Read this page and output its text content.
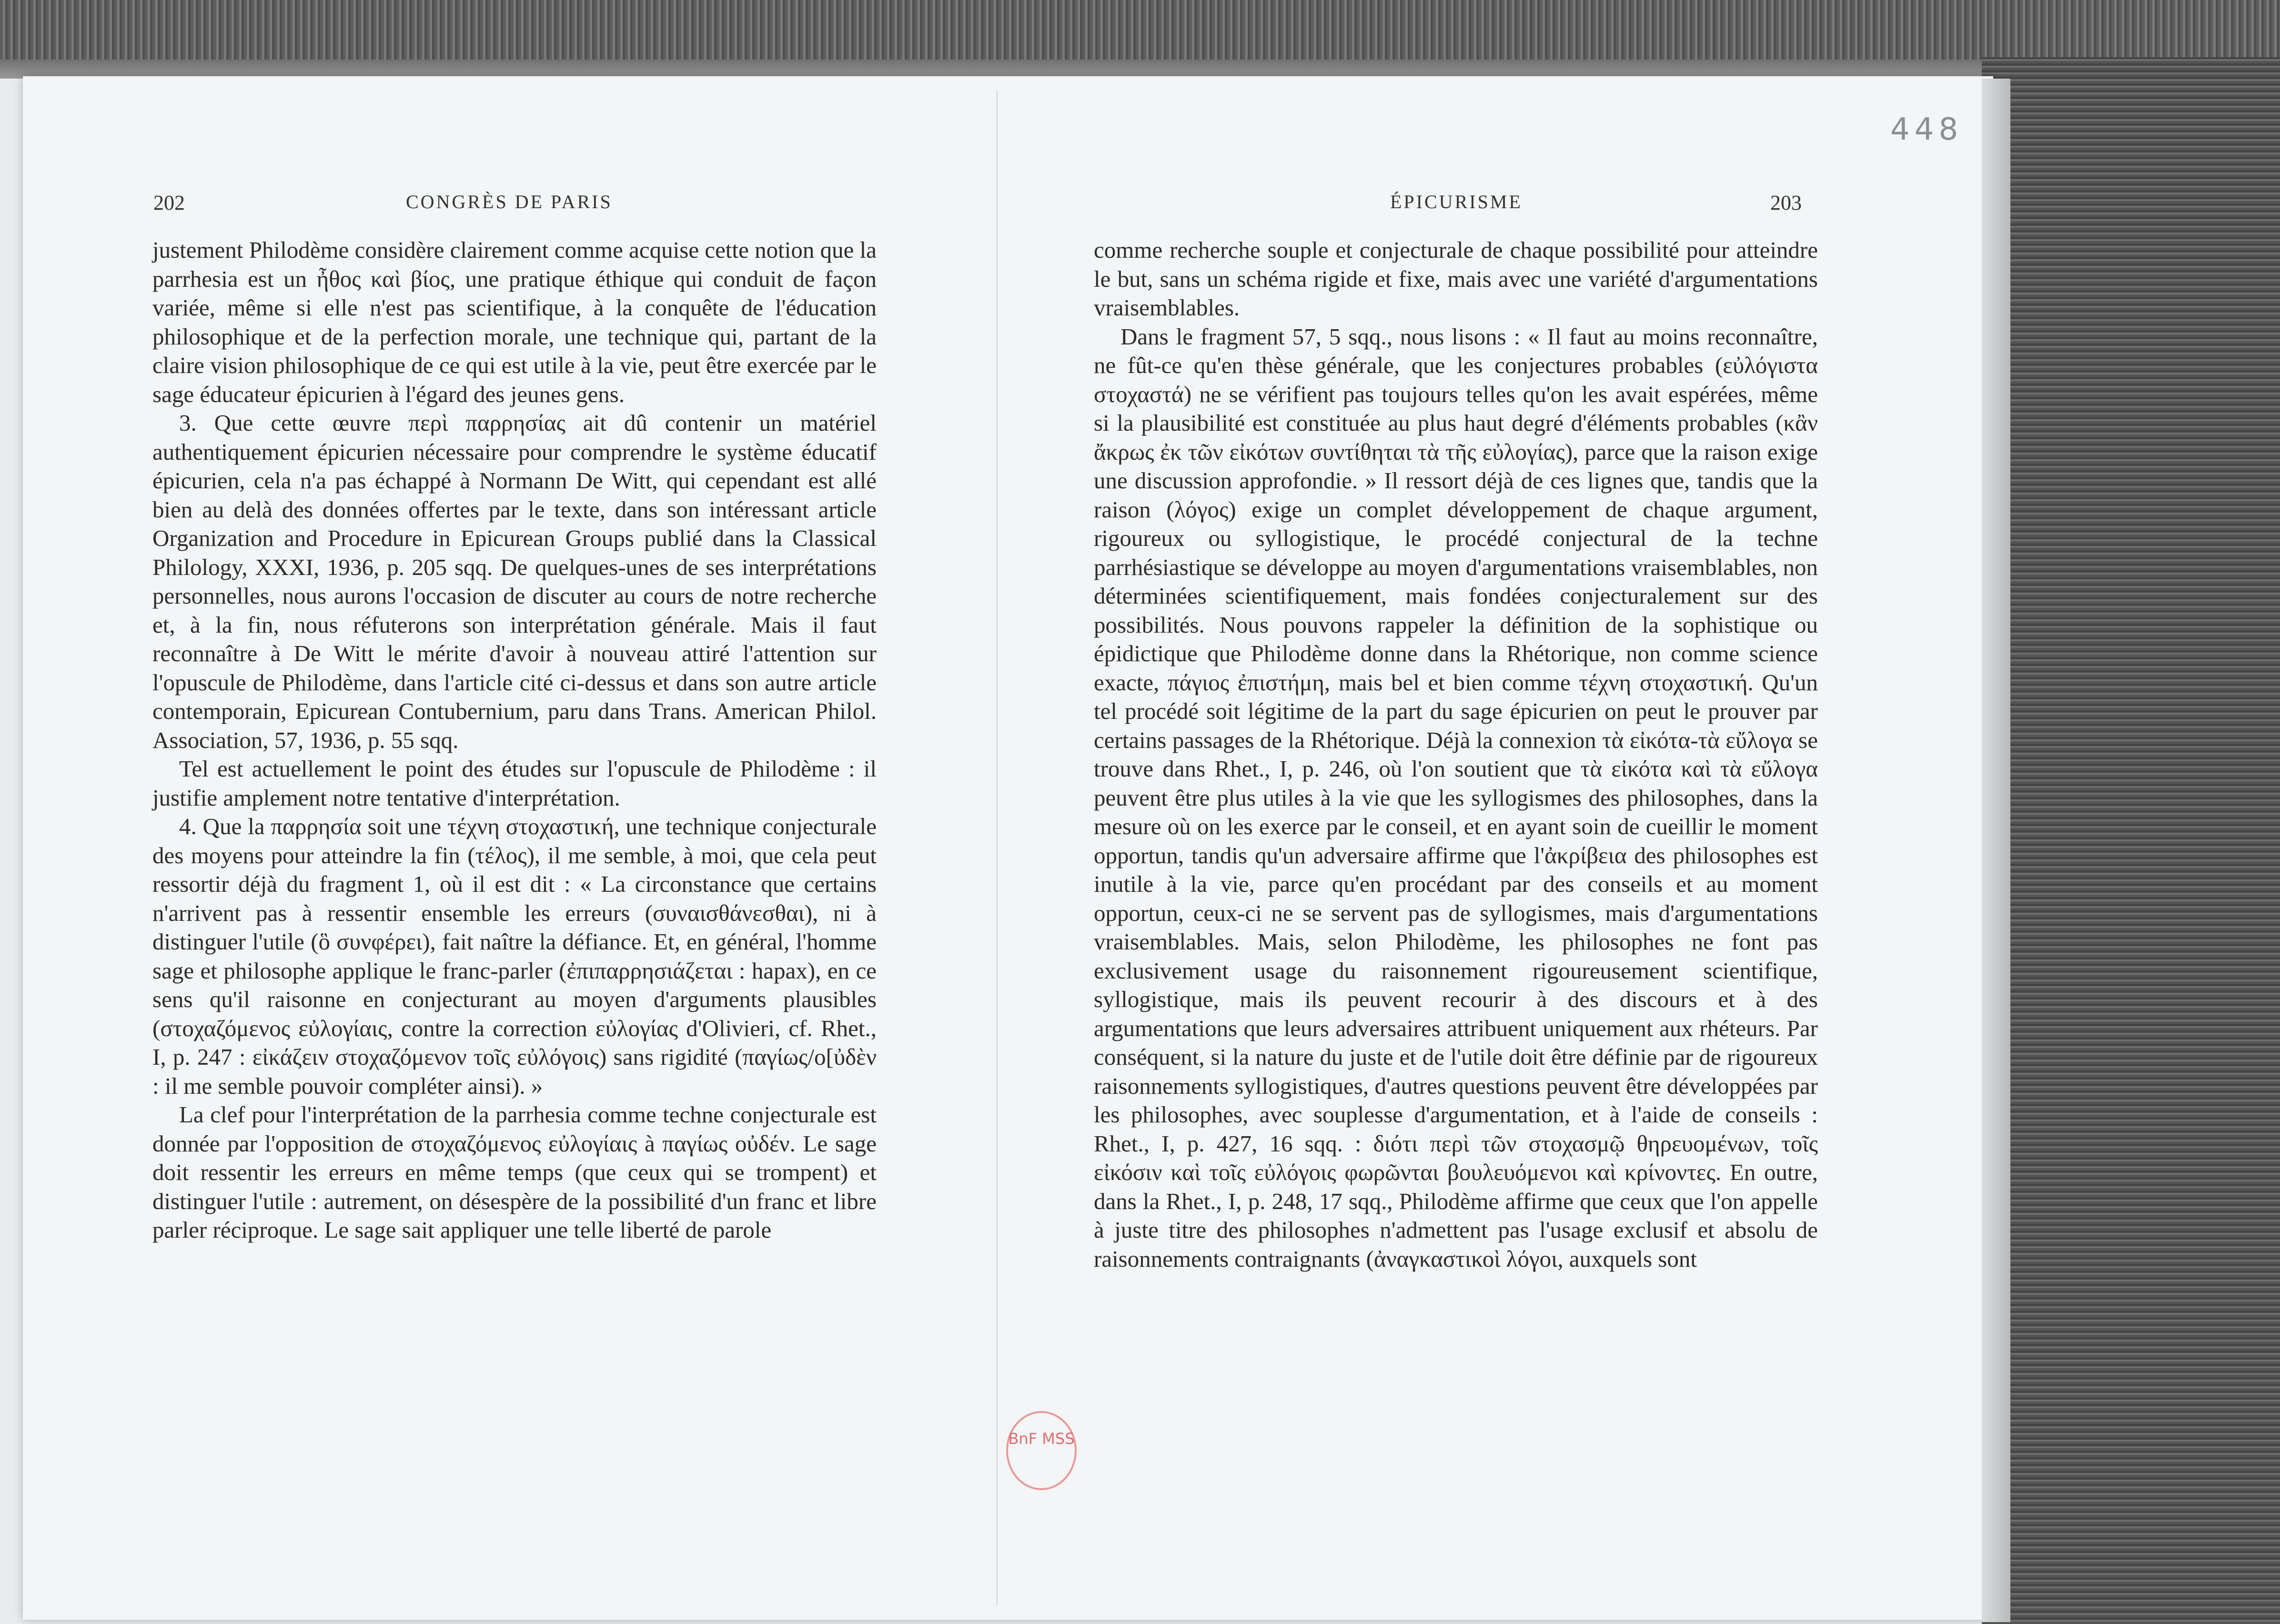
448
202	CONGRÈS DE PARIS

justement Philodème considère clairement comme acquise cette notion que la parrhesia est un ἦθος καὶ βίος, une pratique éthique qui conduit de façon variée, même si elle n'est pas scientifique, à la conquête de l'éducation philosophique et de la perfection morale, une technique qui, partant de la claire vision philosophique de ce qui est utile à la vie, peut être exercée par le sage éducateur épicurien à l'égard des jeunes gens.

3. Que cette œuvre περὶ παρρησίας ait dû contenir un matériel authentiquement épicurien nécessaire pour comprendre le système éducatif épicurien, cela n'a pas échappé à Normann De Witt, qui cependant est allé bien au delà des données offertes par le texte, dans son intéressant article Organization and Procedure in Epicurean Groups publié dans la Classical Philology, XXXI, 1936, p. 205 sqq. De quelques-unes de ses interprétations personnelles, nous aurons l'occasion de discuter au cours de notre recherche et, à la fin, nous réfuterons son interprétation générale. Mais il faut reconnaître à De Witt le mérite d'avoir à nouveau attiré l'attention sur l'opuscule de Philodème, dans l'article cité ci-dessus et dans son autre article contemporain, Epicurean Contubernium, paru dans Trans. American Philol. Association, 57, 1936, p. 55 sqq.

Tel est actuellement le point des études sur l'opuscule de Philodème : il justifie amplement notre tentative d'interprétation.

4. Que la παρρησία soit une τέχνη στοχαστική, une technique conjecturale des moyens pour atteindre la fin (τέλος), il me semble, à moi, que cela peut ressortir déjà du fragment 1, où il est dit : « La circonstance que certains n'arrivent pas à ressentir ensemble les erreurs (συναισθάνεσθαι), ni à distinguer l'utile (ὃ συνφέρει), fait naître la défiance. Et, en général, l'homme sage et philosophe applique le franc-parler (ἐπιπαρρησιάζεται : hapax), en ce sens qu'il raisonne en conjecturant au moyen d'arguments plausibles (στοχαζόμενος εὐλογίαις, contre la correction εὐλογίας d'Olivieri, cf. Rhet., I, p. 247 : εἰκάζειν στοχαζόμενον τοῖς εὐλόγοις) sans rigidité (παγίως/ο[ὐδὲν : il me semble pouvoir compléter ainsi). »

La clef pour l'interprétation de la parrhesia comme techne conjecturale est donnée par l'opposition de στοχαζόμενος εὐλογίαις à παγίως οὐδέν. Le sage doit ressentir les erreurs en même temps (que ceux qui se trompent) et distinguer l'utile : autrement, on désespère de la possibilité d'un franc et libre parler réciproque. Le sage sait appliquer une telle liberté de parole

ÉPICURISME	203

comme recherche souple et conjecturale de chaque possibilité pour atteindre le but, sans un schéma rigide et fixe, mais avec une variété d'argumentations vraisemblables.

Dans le fragment 57, 5 sqq., nous lisons : « Il faut au moins reconnaître, ne fût-ce qu'en thèse générale, que les conjectures probables (εὐλόγιστα στοχαστά) ne se vérifient pas toujours telles qu'on les avait espérées, même si la plausibilité est constituée au plus haut degré d'éléments probables (κἂν ἄκρως ἐκ τῶν εἰκότων συντίθηται τὰ τῆς εὐλογίας), parce que la raison exige une discussion approfondie. » Il ressort déjà de ces lignes que, tandis que la raison (λόγος) exige un complet développement de chaque argument, rigoureux ou syllogistique, le procédé conjectural de la techne parrhésiastique se développe au moyen d'argumentations vraisemblables, non déterminées scientifiquement, mais fondées conjecturalement sur des possibilités. Nous pouvons rappeler la définition de la sophistique ou épidictique que Philodème donne dans la Rhétorique, non comme science exacte, πάγιος ἐπιστήμη, mais bel et bien comme τέχνη στοχαστική. Qu'un tel procédé soit légitime de la part du sage épicurien on peut le prouver par certains passages de la Rhétorique. Déjà la connexion τὰ εἰκότα-τὰ εὔλογα se trouve dans Rhet., I, p. 246, où l'on soutient que τὰ εἰκότα καὶ τὰ εὔλογα peuvent être plus utiles à la vie que les syllogismes des philosophes, dans la mesure où on les exerce par le conseil, et en ayant soin de cueillir le moment opportun, tandis qu'un adversaire affirme que l'ἀκρίβεια des philosophes est inutile à la vie, parce qu'en procédant par des conseils et au moment opportun, ceux-ci ne se servent pas de syllogismes, mais d'argumentations vraisemblables. Mais, selon Philodème, les philosophes ne font pas exclusivement usage du raisonnement rigoureusement scientifique, syllogistique, mais ils peuvent recourir à des discours et à des argumentations que leurs adversaires attribuent uniquement aux rhéteurs. Par conséquent, si la nature du juste et de l'utile doit être définie par de rigoureux raisonnements syllogistiques, d'autres questions peuvent être développées par les philosophes, avec souplesse d'argumentation, et à l'aide de conseils : Rhet., I, p. 427, 16 sqq. : διότι περὶ τῶν στοχασμῷ θηρευομένων, τοῖς εἰκόσιν καὶ τοῖς εὐλόγοις φωρῶνται βουλευόμενοι καὶ κρίνοντες. En outre, dans la Rhet., I, p. 248, 17 sqq., Philodème affirme que ceux que l'on appelle à juste titre des philosophes n'admettent pas l'usage exclusif et absolu de raisonnements contraignants (ἀναγκαστικοὶ λόγοι, auxquels sont

BnF MSS
